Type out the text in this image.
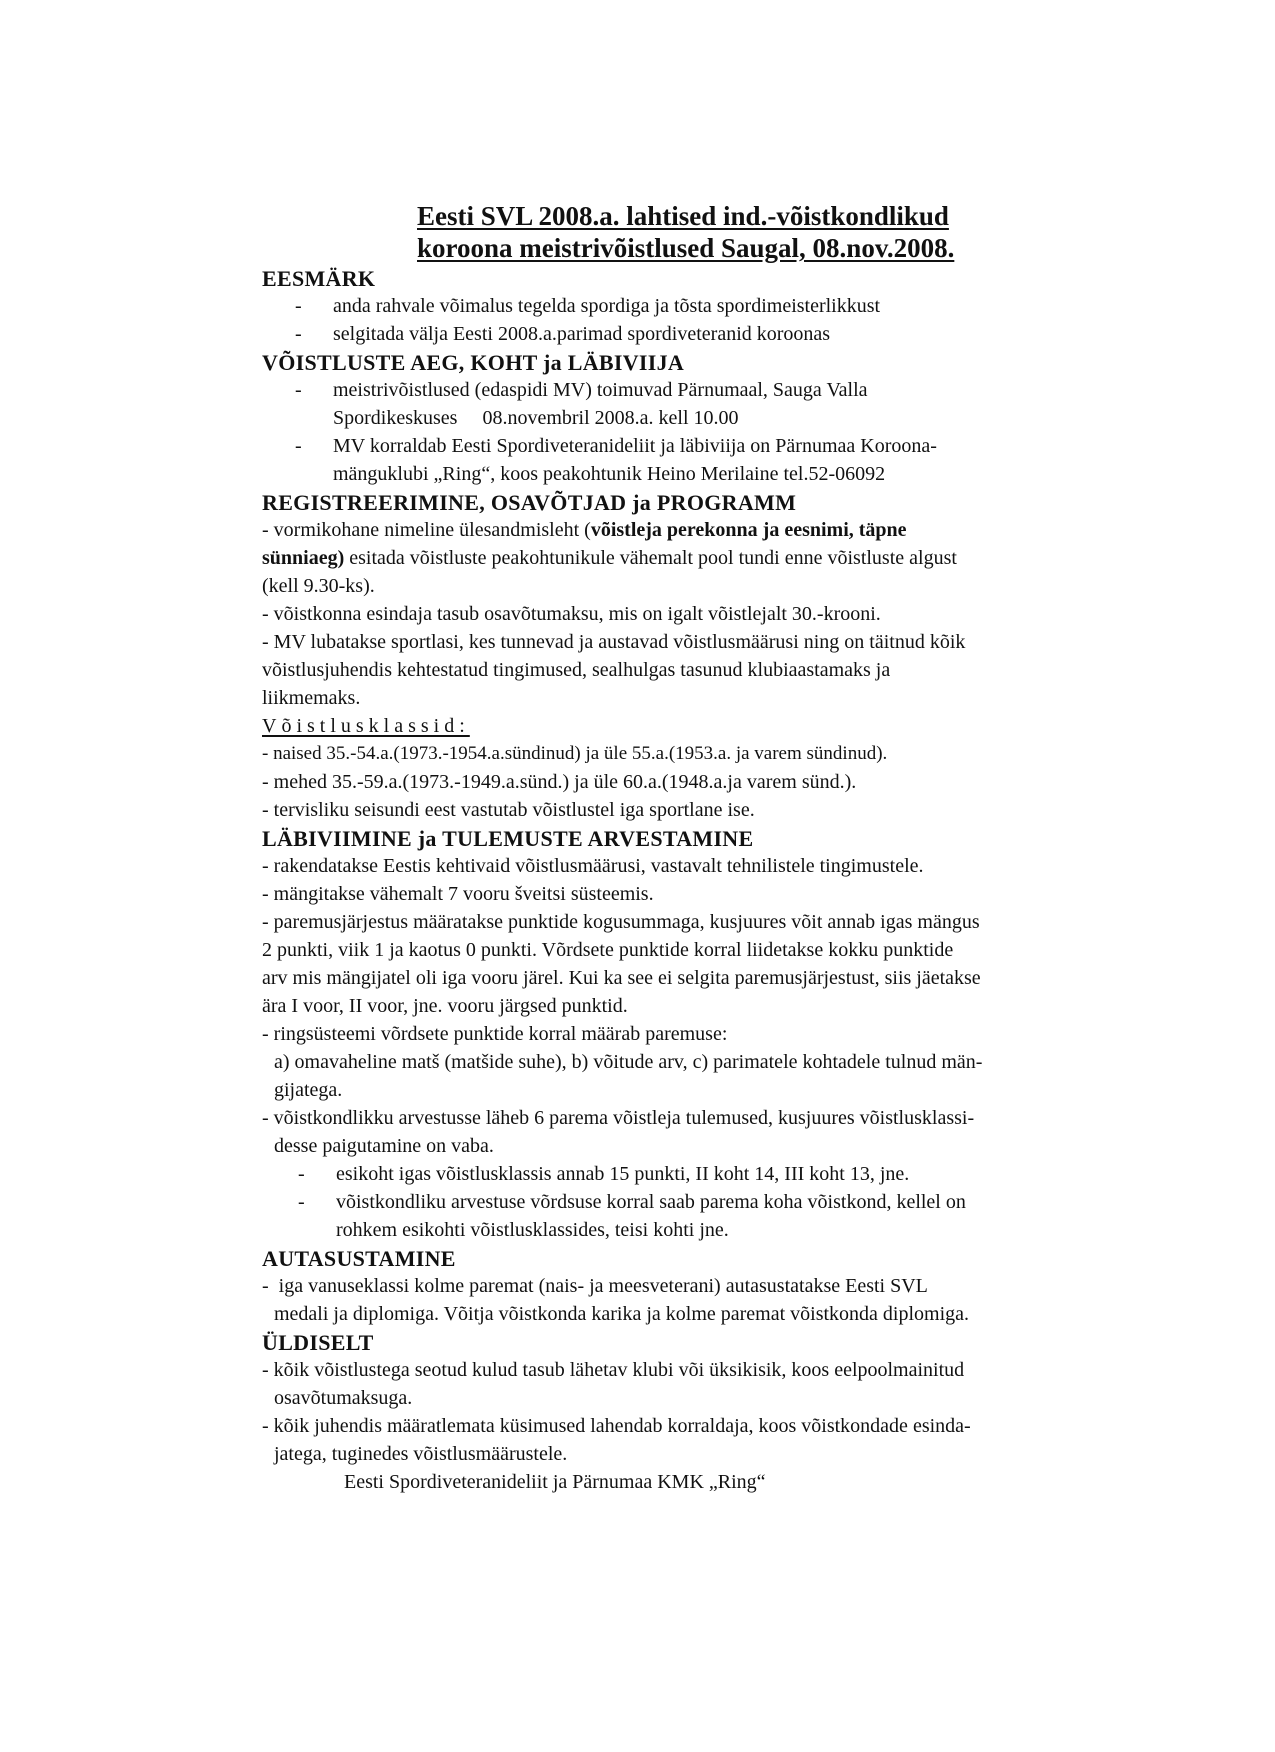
Eesti SVL 2008.a. lahtised ind.-võistkondlikud
koroona meistrivõistlused Saugal, 08.nov.2008.
EESMÄRK
- anda rahvale võimalus tegelda spordiga ja tõsta spordimeisterlikkust
- selgitada välja Eesti 2008.a.parimad spordiveteranid koroonas
VÕISTLUSTE AEG, KOHT ja LÄBIVIIJA
- meistrivõistlused (edaspidi MV) toimuvad Pärnumaal, Sauga Valla
Spordikeskuses     08.novembril 2008.a. kell 10.00
- MV korraldab Eesti Spordiveteranideliit ja läbiviija on Pärnumaa Koroona-
mänguklubi „Ring“, koos peakohtunik Heino Merilaine tel.52-06092
REGISTREERIMINE, OSAVÕTJAD ja PROGRAMM
- vormikohane nimeline ülesandmisleht (võistleja perekonna ja eesnimi, täpne
sünniaeg) esitada võistluste peakohtunikule vähemalt pool tundi enne võistluste algust
(kell 9.30-ks).
- võistkonna esindaja tasub osavõtumaksu, mis on igalt võistlejalt 30.-krooni.
- MV lubatakse sportlasi, kes tunnevad ja austavad võistlusmäärusi ning on täitnud kõik
võistlusjuhendis kehtestatud tingimused, sealhulgas tasunud klubiaastamaks ja
liikmemaks.
Võistlusklassid:
- naised 35.-54.a.(1973.-1954.a.sündinud) ja üle 55.a.(1953.a. ja varem sündinud).
- mehed 35.-59.a.(1973.-1949.a.sünd.) ja üle 60.a.(1948.a.ja varem sünd.).
- tervisliku seisundi eest vastutab võistlustel iga sportlane ise.
LÄBIVIIMINE ja TULEMUSTE ARVESTAMINE
- rakendatakse Eestis kehtivaid võistlusmäärusi, vastavalt tehnilistele tingimustele.
- mängitakse vähemalt 7 vooru šveitsi süsteemis.
- paremusjärjestus määratakse punktide kogusummaga, kusjuures võit annab igas mängus
2 punkti, viik 1 ja kaotus 0 punkti. Võrdsete punktide korral liidetakse kokku punktide
arv mis mängijatel oli iga vooru järel. Kui ka see ei selgita paremusjärjestust, siis jäetakse
ära I voor, II voor, jne. vooru järgsed punktid.
- ringsüsteemi võrdsete punktide korral määrab paremuse:
a) omavaheline matš (matšide suhe), b) võitude arv, c) parimatele kohtadele tulnud män-
gijatega.
- võistkondlikku arvestusse läheb 6 parema võistleja tulemused, kusjuures võistlusklassi-
desse paigutamine on vaba.
- esikoht igas võistlusklassis annab 15 punkti, II koht 14, III koht 13, jne.
- võistkondliku arvestuse võrdsuse korral saab parema koha võistkond, kellel on
rohkem esikohti võistlusklassides, teisi kohti jne.
AUTASUSTAMINE
-  iga vanuseklassi kolme paremat (nais- ja meesveterani) autasustatakse Eesti SVL
medali ja diplomiga. Võitja võistkonda karika ja kolme paremat võistkonda diplomiga.
ÜLDISELT
- kõik võistlustega seotud kulud tasub lähetav klubi või üksikisik, koos eelpoolmainitud
osavõtumaksuga.
- kõik juhendis määratlemata küsimused lahendab korraldaja, koos võistkondade esinda-
jatega, tuginedes võistlusmäärustele.
Eesti Spordiveteranideliit ja Pärnumaa KMK „Ring“
